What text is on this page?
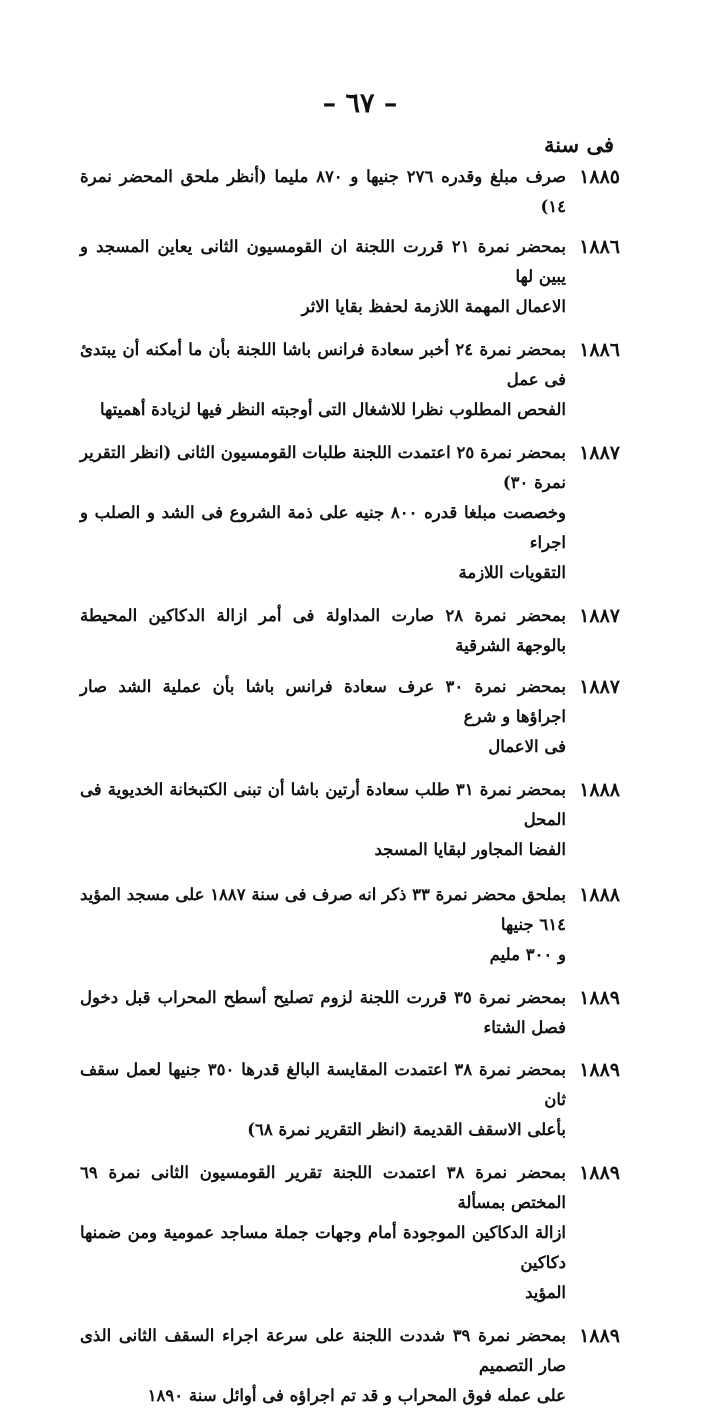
– ٦٧ –
فى سنة
١٨٨٥
صرف مبلغ وقدره ٢٧٦ جنيها و ٨٧٠ مليما (أنظر ملحق المحضر نمرة ١٤)
١٨٨٦
بمحضر نمرة ٢١ قررت اللجنة ان القومسيون الثانى يعاين المسجد و يبين لها
الاعمال المهمة اللازمة لحفظ بقايا الاثر
١٨٨٦
بمحضر نمرة ٢٤ أخبر سعادة فرانس باشا اللجنة بأن ما أمكنه أن يبتدئ فى عمل
الفحص المطلوب نظرا للاشغال التى أوجبته النظر فيها لزيادة أهميتها
١٨٨٧
بمحضر نمرة ٢٥ اعتمدت اللجنة طلبات القومسيون الثانى (انظر التقرير نمرة ٣٠)
وخصصت مبلغا قدره ٨٠٠ جنيه على ذمة الشروع فى الشد و الصلب و اجراء
التقويات اللازمة
١٨٨٧
بمحضر نمرة ٢٨ صارت المداولة فى أمر ازالة الدكاكين المحيطة بالوجهة الشرقية
١٨٨٧
بمحضر نمرة ٣٠ عرف سعادة فرانس باشا بأن عملية الشد صار اجراؤها و شرع
فى الاعمال
١٨٨٨
بمحضر نمرة ٣١ طلب سعادة أرتين باشا أن تبنى الكتبخانة الخديوية فى المحل
الفضا المجاور لبقايا المسجد
١٨٨٨
بملحق محضر نمرة ٣٣ ذكر انه صرف فى سنة ١٨٨٧ على مسجد المؤيد ٦١٤ جنيها
و ٣٠٠ مليم
١٨٨٩
بمحضر نمرة ٣٥ قررت اللجنة لزوم تصليح أسطح المحراب قبل دخول فصل الشتاء
١٨٨٩
بمحضر نمرة ٣٨ اعتمدت المقايسة البالغ قدرها ٣٥٠ جنيها لعمل سقف ثان
بأعلى الاسقف القديمة (انظر التقرير نمرة ٦٨)
١٨٨٩
بمحضر نمرة ٣٨ اعتمدت اللجنة تقرير القومسيون الثانى نمرة ٦٩ المختص بمسألة
ازالة الدكاكين الموجودة أمام وجهات جملة مساجد عمومية ومن ضمنها دكاكين
المؤيد
١٨٨٩
بمحضر نمرة ٣٩ شددت اللجنة على سرعة اجراء السقف الثانى الذى صار التصميم
على عمله فوق المحراب و قد تم اجراؤه فى أوائل سنة ١٨٩٠
